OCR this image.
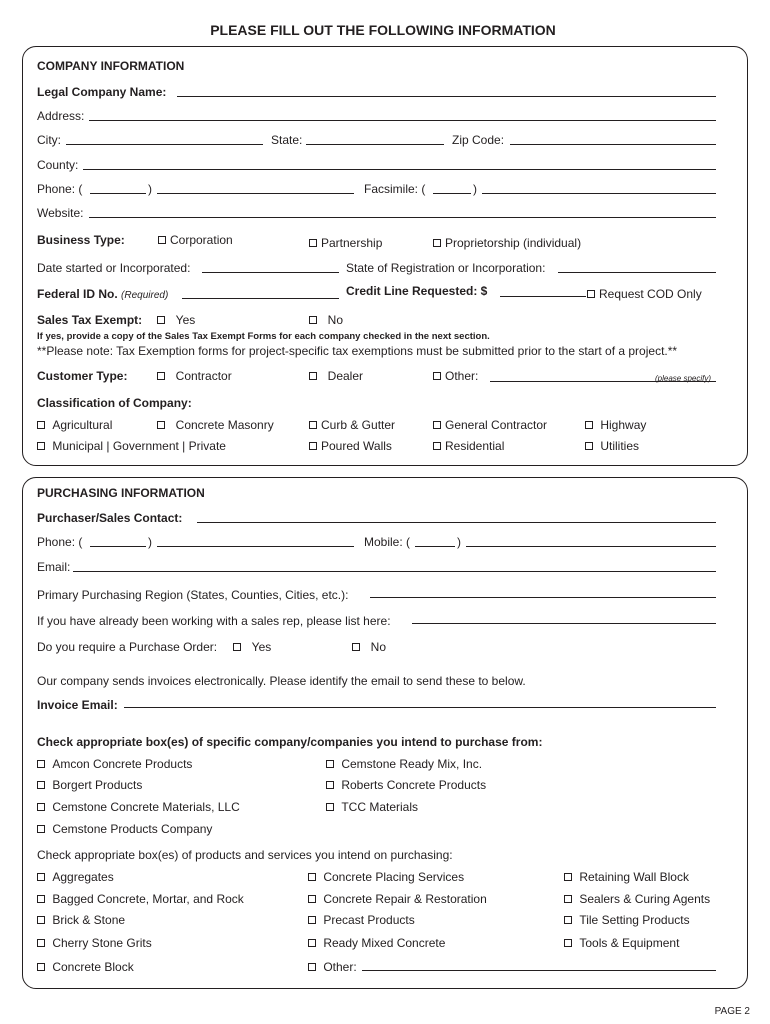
PLEASE FILL OUT THE FOLLOWING INFORMATION
COMPANY INFORMATION
Legal Company Name:
Address:
City:	State:	Zip Code:
County:
Phone: (	)	Facsimile: (	)
Website:
Business Type:	Corporation	Partnership	Proprietorship (individual)
Date started or Incorporated:	State of Registration or Incorporation:
Federal ID No. (Required)	Credit Line Requested: $	Request COD Only
Sales Tax Exempt:	Yes	No
If yes, provide a copy of the Sales Tax Exempt Forms for each company checked in the next section.
**Please note: Tax Exemption forms for project-specific tax exemptions must be submitted prior to the start of a project.**
Customer Type:	Contractor	Dealer	Other:	(please specify)
Classification of Company:
Agricultural	Concrete Masonry	Curb & Gutter	General Contractor	Highway
Municipal | Government | Private	Poured Walls	Residential	Utilities
PURCHASING INFORMATION
Purchaser/Sales Contact:
Phone: (	)	Mobile: (	)
Email:
Primary Purchasing Region (States, Counties, Cities, etc.):
If you have already been working with a sales rep, please list here:
Do you require a Purchase Order:	Yes	No
Our company sends invoices electronically. Please identify the email to send these to below.
Invoice Email:
Check appropriate box(es) of specific company/companies you intend to purchase from:
Amcon Concrete Products	Cemstone Ready Mix, Inc.
Borgert Products	Roberts Concrete Products
Cemstone Concrete Materials, LLC	TCC Materials
Cemstone Products Company
Check appropriate box(es) of products and services you intend on purchasing:
Aggregates	Concrete Placing Services	Retaining Wall Block
Bagged Concrete, Mortar, and Rock	Concrete Repair & Restoration	Sealers & Curing Agents
Brick & Stone	Precast Products	Tile Setting Products
Cherry Stone Grits	Ready Mixed Concrete	Tools & Equipment
Concrete Block	Other:
PAGE 2
